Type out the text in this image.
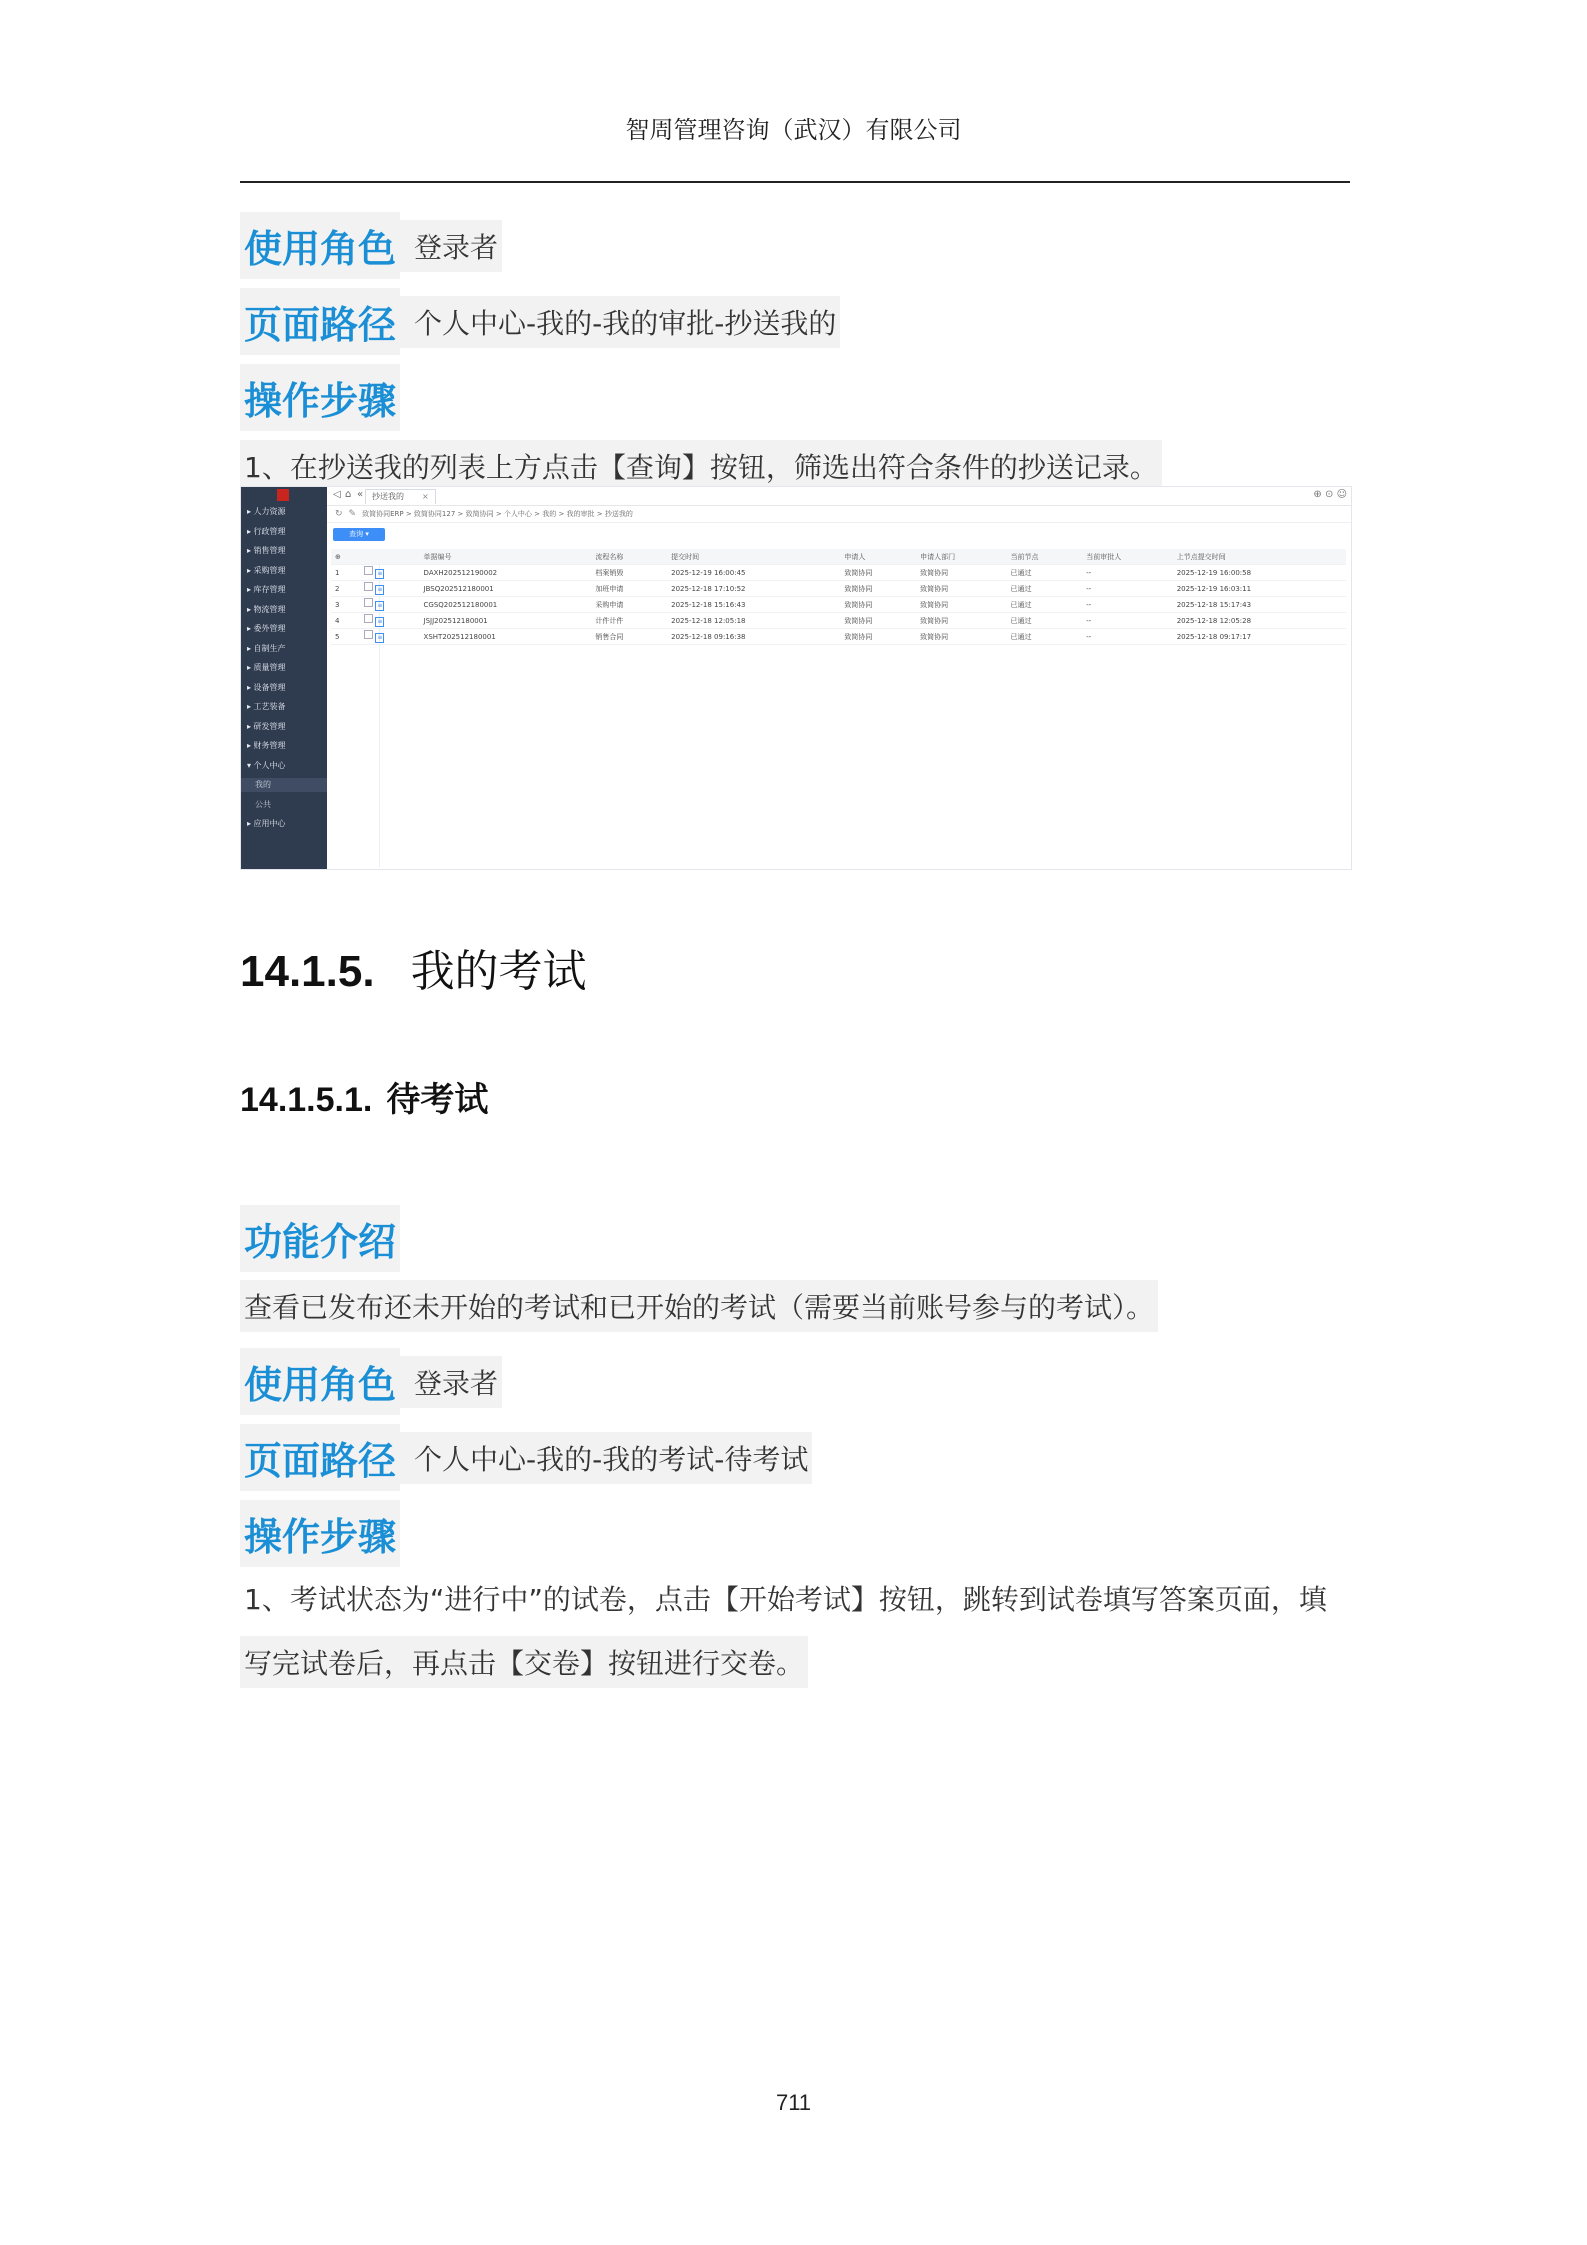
智周管理咨询（武汉）有限公司
使用角色 登录者
页面路径 个人中心-我的-我的审批-抄送我的
操作步骤
1、在抄送我的列表上方点击【查询】按钮，筛选出符合条件的抄送记录。
▸ 人力资源
▸ 行政管理
▸ 销售管理
▸ 采购管理
▸ 库存管理
▸ 物流管理
▸ 委外管理
▸ 自制生产
▸ 质量管理
▸ 设备管理
▸ 工艺装备
▸ 研发管理
▸ 财务管理
▾ 个人中心
我的
公共
▸ 应用中心
◁ ⌂ «	抄送我的 ×	⊕ ⊙ ☺
↻ ✎ 致简协同ERP > 致简协同127 > 致简协同 > 个人中心 > 我的 > 我的审批 > 抄送我的
查询 ▾
⊕		单据编号	流程名称	提交时间	申请人	申请人部门	当前节点	当前审批人	上节点提交时间
1	≡	DAXH202512190002	档案销毁	2025-12-19 16:00:45	致简协同	致简协同	已通过	--	2025-12-19 16:00:58
2	≡	JBSQ202512180001	加班申请	2025-12-18 17:10:52	致简协同	致简协同	已通过	--	2025-12-19 16:03:11
3	≡	CGSQ202512180001	采购申请	2025-12-18 15:16:43	致简协同	致简协同	已通过	--	2025-12-18 15:17:43
4	≡	JSJJ202512180001	计件计件	2025-12-18 12:05:18	致简协同	致简协同	已通过	--	2025-12-18 12:05:28
5	≡	XSHT202512180001	销售合同	2025-12-18 09:16:38	致简协同	致简协同	已通过	--	2025-12-18 09:17:17
14.1.5. 我的考试
14.1.5.1. 待考试
功能介绍
查看已发布还未开始的考试和已开始的考试（需要当前账号参与的考试）。
使用角色 登录者
页面路径 个人中心-我的-我的考试-待考试
操作步骤
1、考试状态为“进行中”的试卷，点击【开始考试】按钮，跳转到试卷填写答案页面，填
写完试卷后，再点击【交卷】按钮进行交卷。
711
